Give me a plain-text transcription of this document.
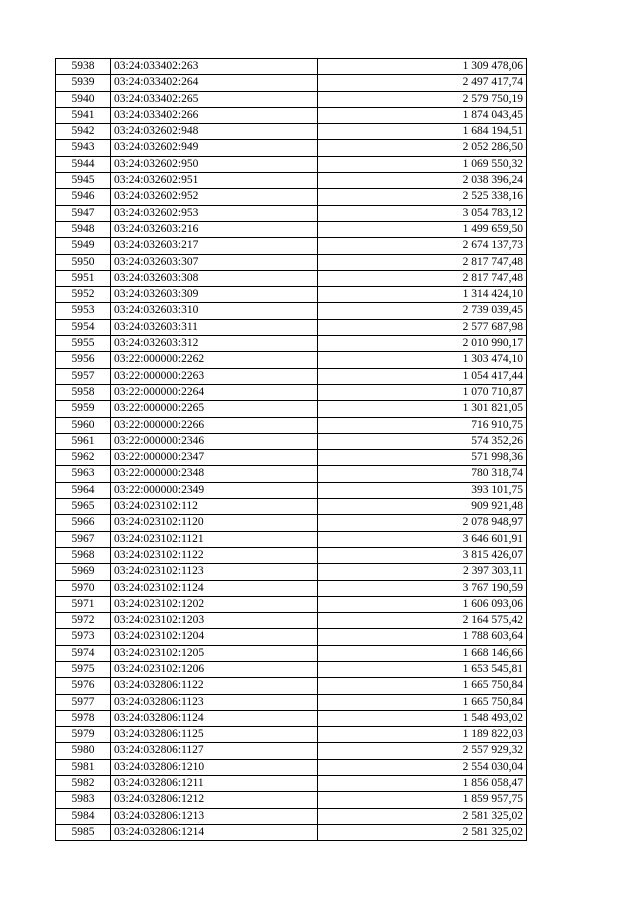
5938	03:24:033402:263	1 309 478,06
5939	03:24:033402:264	2 497 417,74
5940	03:24:033402:265	2 579 750,19
5941	03:24:033402:266	1 874 043,45
5942	03:24:032602:948	1 684 194,51
5943	03:24:032602:949	2 052 286,50
5944	03:24:032602:950	1 069 550,32
5945	03:24:032602:951	2 038 396,24
5946	03:24:032602:952	2 525 338,16
5947	03:24:032602:953	3 054 783,12
5948	03:24:032603:216	1 499 659,50
5949	03:24:032603:217	2 674 137,73
5950	03:24:032603:307	2 817 747,48
5951	03:24:032603:308	2 817 747,48
5952	03:24:032603:309	1 314 424,10
5953	03:24:032603:310	2 739 039,45
5954	03:24:032603:311	2 577 687,98
5955	03:24:032603:312	2 010 990,17
5956	03:22:000000:2262	1 303 474,10
5957	03:22:000000:2263	1 054 417,44
5958	03:22:000000:2264	1 070 710,87
5959	03:22:000000:2265	1 301 821,05
5960	03:22:000000:2266	716 910,75
5961	03:22:000000:2346	574 352,26
5962	03:22:000000:2347	571 998,36
5963	03:22:000000:2348	780 318,74
5964	03:22:000000:2349	393 101,75
5965	03:24:023102:112	909 921,48
5966	03:24:023102:1120	2 078 948,97
5967	03:24:023102:1121	3 646 601,91
5968	03:24:023102:1122	3 815 426,07
5969	03:24:023102:1123	2 397 303,11
5970	03:24:023102:1124	3 767 190,59
5971	03:24:023102:1202	1 606 093,06
5972	03:24:023102:1203	2 164 575,42
5973	03:24:023102:1204	1 788 603,64
5974	03:24:023102:1205	1 668 146,66
5975	03:24:023102:1206	1 653 545,81
5976	03:24:032806:1122	1 665 750,84
5977	03:24:032806:1123	1 665 750,84
5978	03:24:032806:1124	1 548 493,02
5979	03:24:032806:1125	1 189 822,03
5980	03:24:032806:1127	2 557 929,32
5981	03:24:032806:1210	2 554 030,04
5982	03:24:032806:1211	1 856 058,47
5983	03:24:032806:1212	1 859 957,75
5984	03:24:032806:1213	2 581 325,02
5985	03:24:032806:1214	2 581 325,02
